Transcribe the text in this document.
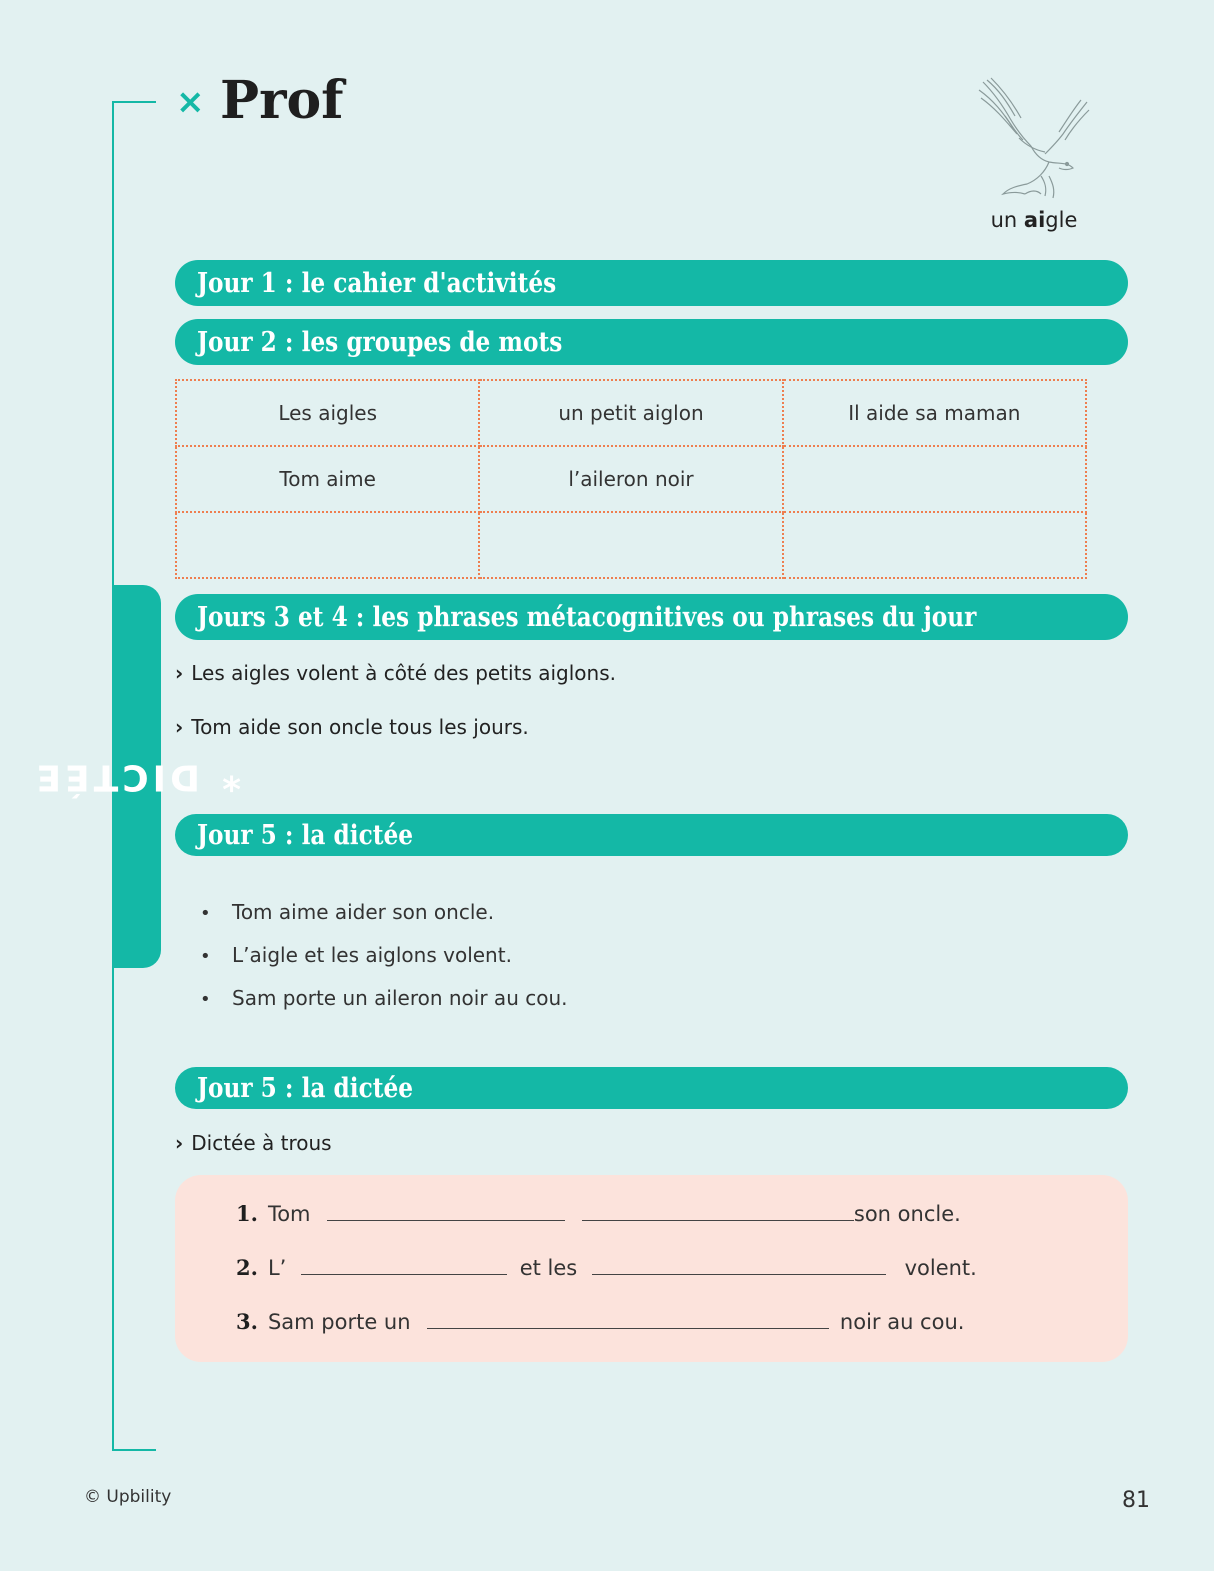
DICTÉE *
× Prof
un aigle
Jour 1 : le cahier d'activités
Jour 2 : les groupes de mots
Les aigles	un petit aiglon	Il aide sa maman
Tom aime	l’aileron noir	

Jours 3 et 4 : les phrases métacognitives ou phrases du jour
› Les aigles volent à côté des petits aiglons.
› Tom aide son oncle tous les jours.
Jour 5 : la dictée
• Tom aime aider son oncle.
• L’aigle et les aiglons volent.
• Sam porte un aileron noir au cou.
Jour 5 : la dictée
› Dictée à trous
1. Tom	son oncle.
2. L’	et les	volent.
3. Sam porte un	noir au cou.
© Upbility	81
